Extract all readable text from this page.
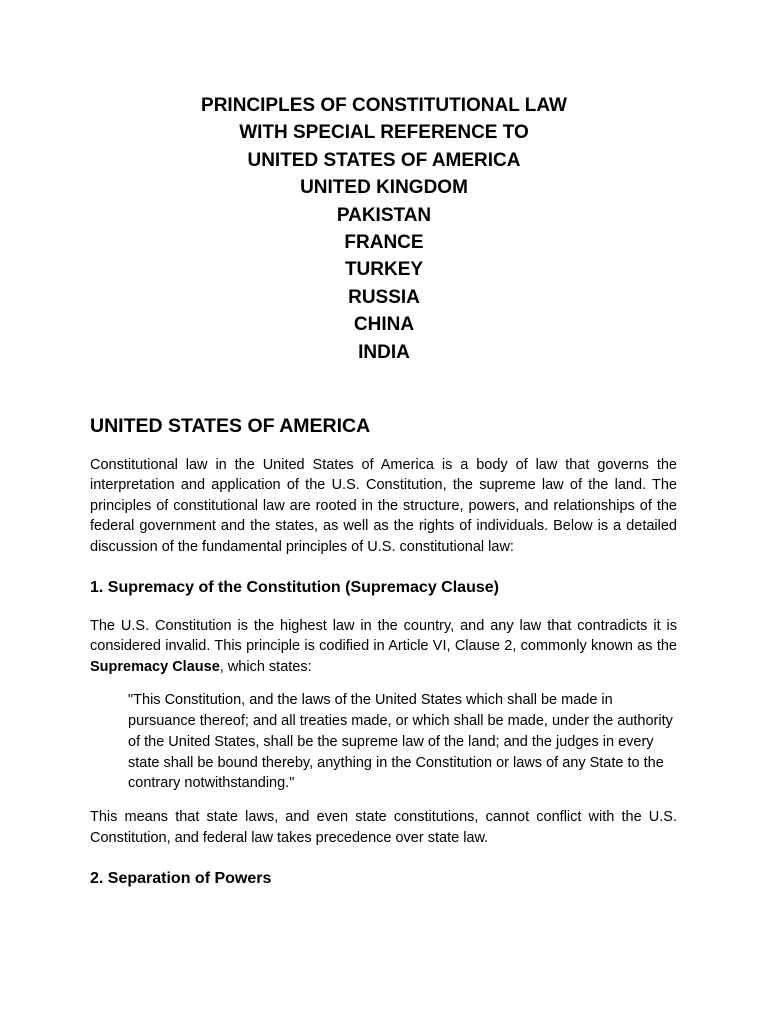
PRINCIPLES OF CONSTITUTIONAL LAW
WITH SPECIAL REFERENCE TO
UNITED STATES OF AMERICA
UNITED KINGDOM
PAKISTAN
FRANCE
TURKEY
RUSSIA
CHINA
INDIA
UNITED STATES OF AMERICA

Constitutional law in the United States of America is a body of law that governs the interpretation and application of the U.S. Constitution, the supreme law of the land. The principles of constitutional law are rooted in the structure, powers, and relationships of the federal government and the states, as well as the rights of individuals. Below is a detailed discussion of the fundamental principles of U.S. constitutional law:

1. Supremacy of the Constitution (Supremacy Clause)

The U.S. Constitution is the highest law in the country, and any law that contradicts it is considered invalid. This principle is codified in Article VI, Clause 2, commonly known as the Supremacy Clause, which states:

"This Constitution, and the laws of the United States which shall be made in pursuance thereof; and all treaties made, or which shall be made, under the authority of the United States, shall be the supreme law of the land; and the judges in every state shall be bound thereby, anything in the Constitution or laws of any State to the contrary notwithstanding."

This means that state laws, and even state constitutions, cannot conflict with the U.S. Constitution, and federal law takes precedence over state law.

2. Separation of Powers
